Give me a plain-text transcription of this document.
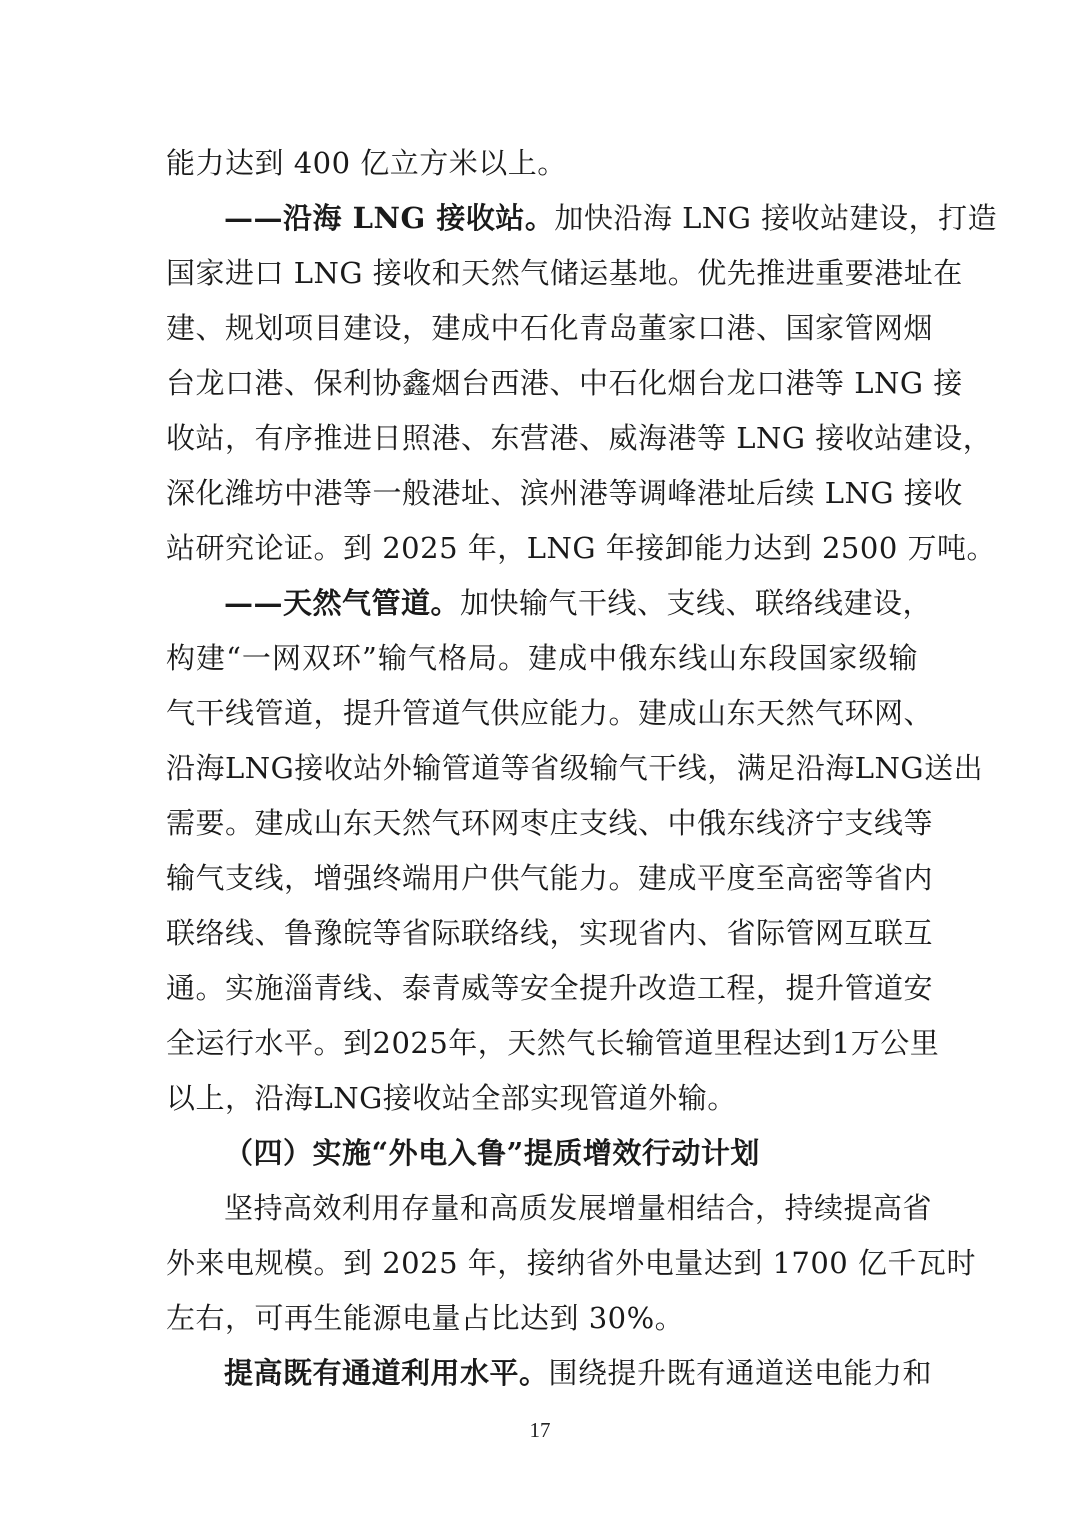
能力达到 400 亿立方米以上。
——沿海 LNG 接收站。加快沿海 LNG 接收站建设，打造
国家进口 LNG 接收和天然气储运基地。优先推进重要港址在
建、规划项目建设，建成中石化青岛董家口港、国家管网烟
台龙口港、保利协鑫烟台西港、中石化烟台龙口港等 LNG 接
收站，有序推进日照港、东营港、威海港等 LNG 接收站建设，
深化潍坊中港等一般港址、滨州港等调峰港址后续 LNG 接收
站研究论证。到 2025 年，LNG 年接卸能力达到 2500 万吨。
——天然气管道。加快输气干线、支线、联络线建设，
构建“一网双环”输气格局。建成中俄东线山东段国家级输
气干线管道，提升管道气供应能力。建成山东天然气环网、
沿海LNG接收站外输管道等省级输气干线，满足沿海LNG送出
需要。建成山东天然气环网枣庄支线、中俄东线济宁支线等
输气支线，增强终端用户供气能力。建成平度至高密等省内
联络线、鲁豫皖等省际联络线，实现省内、省际管网互联互
通。实施淄青线、泰青威等安全提升改造工程，提升管道安
全运行水平。到2025年，天然气长输管道里程达到1万公里
以上，沿海LNG接收站全部实现管道外输。
（四）实施“外电入鲁”提质增效行动计划
坚持高效利用存量和高质发展增量相结合，持续提高省
外来电规模。到 2025 年，接纳省外电量达到 1700 亿千瓦时
左右，可再生能源电量占比达到 30%。
提高既有通道利用水平。围绕提升既有通道送电能力和
17
